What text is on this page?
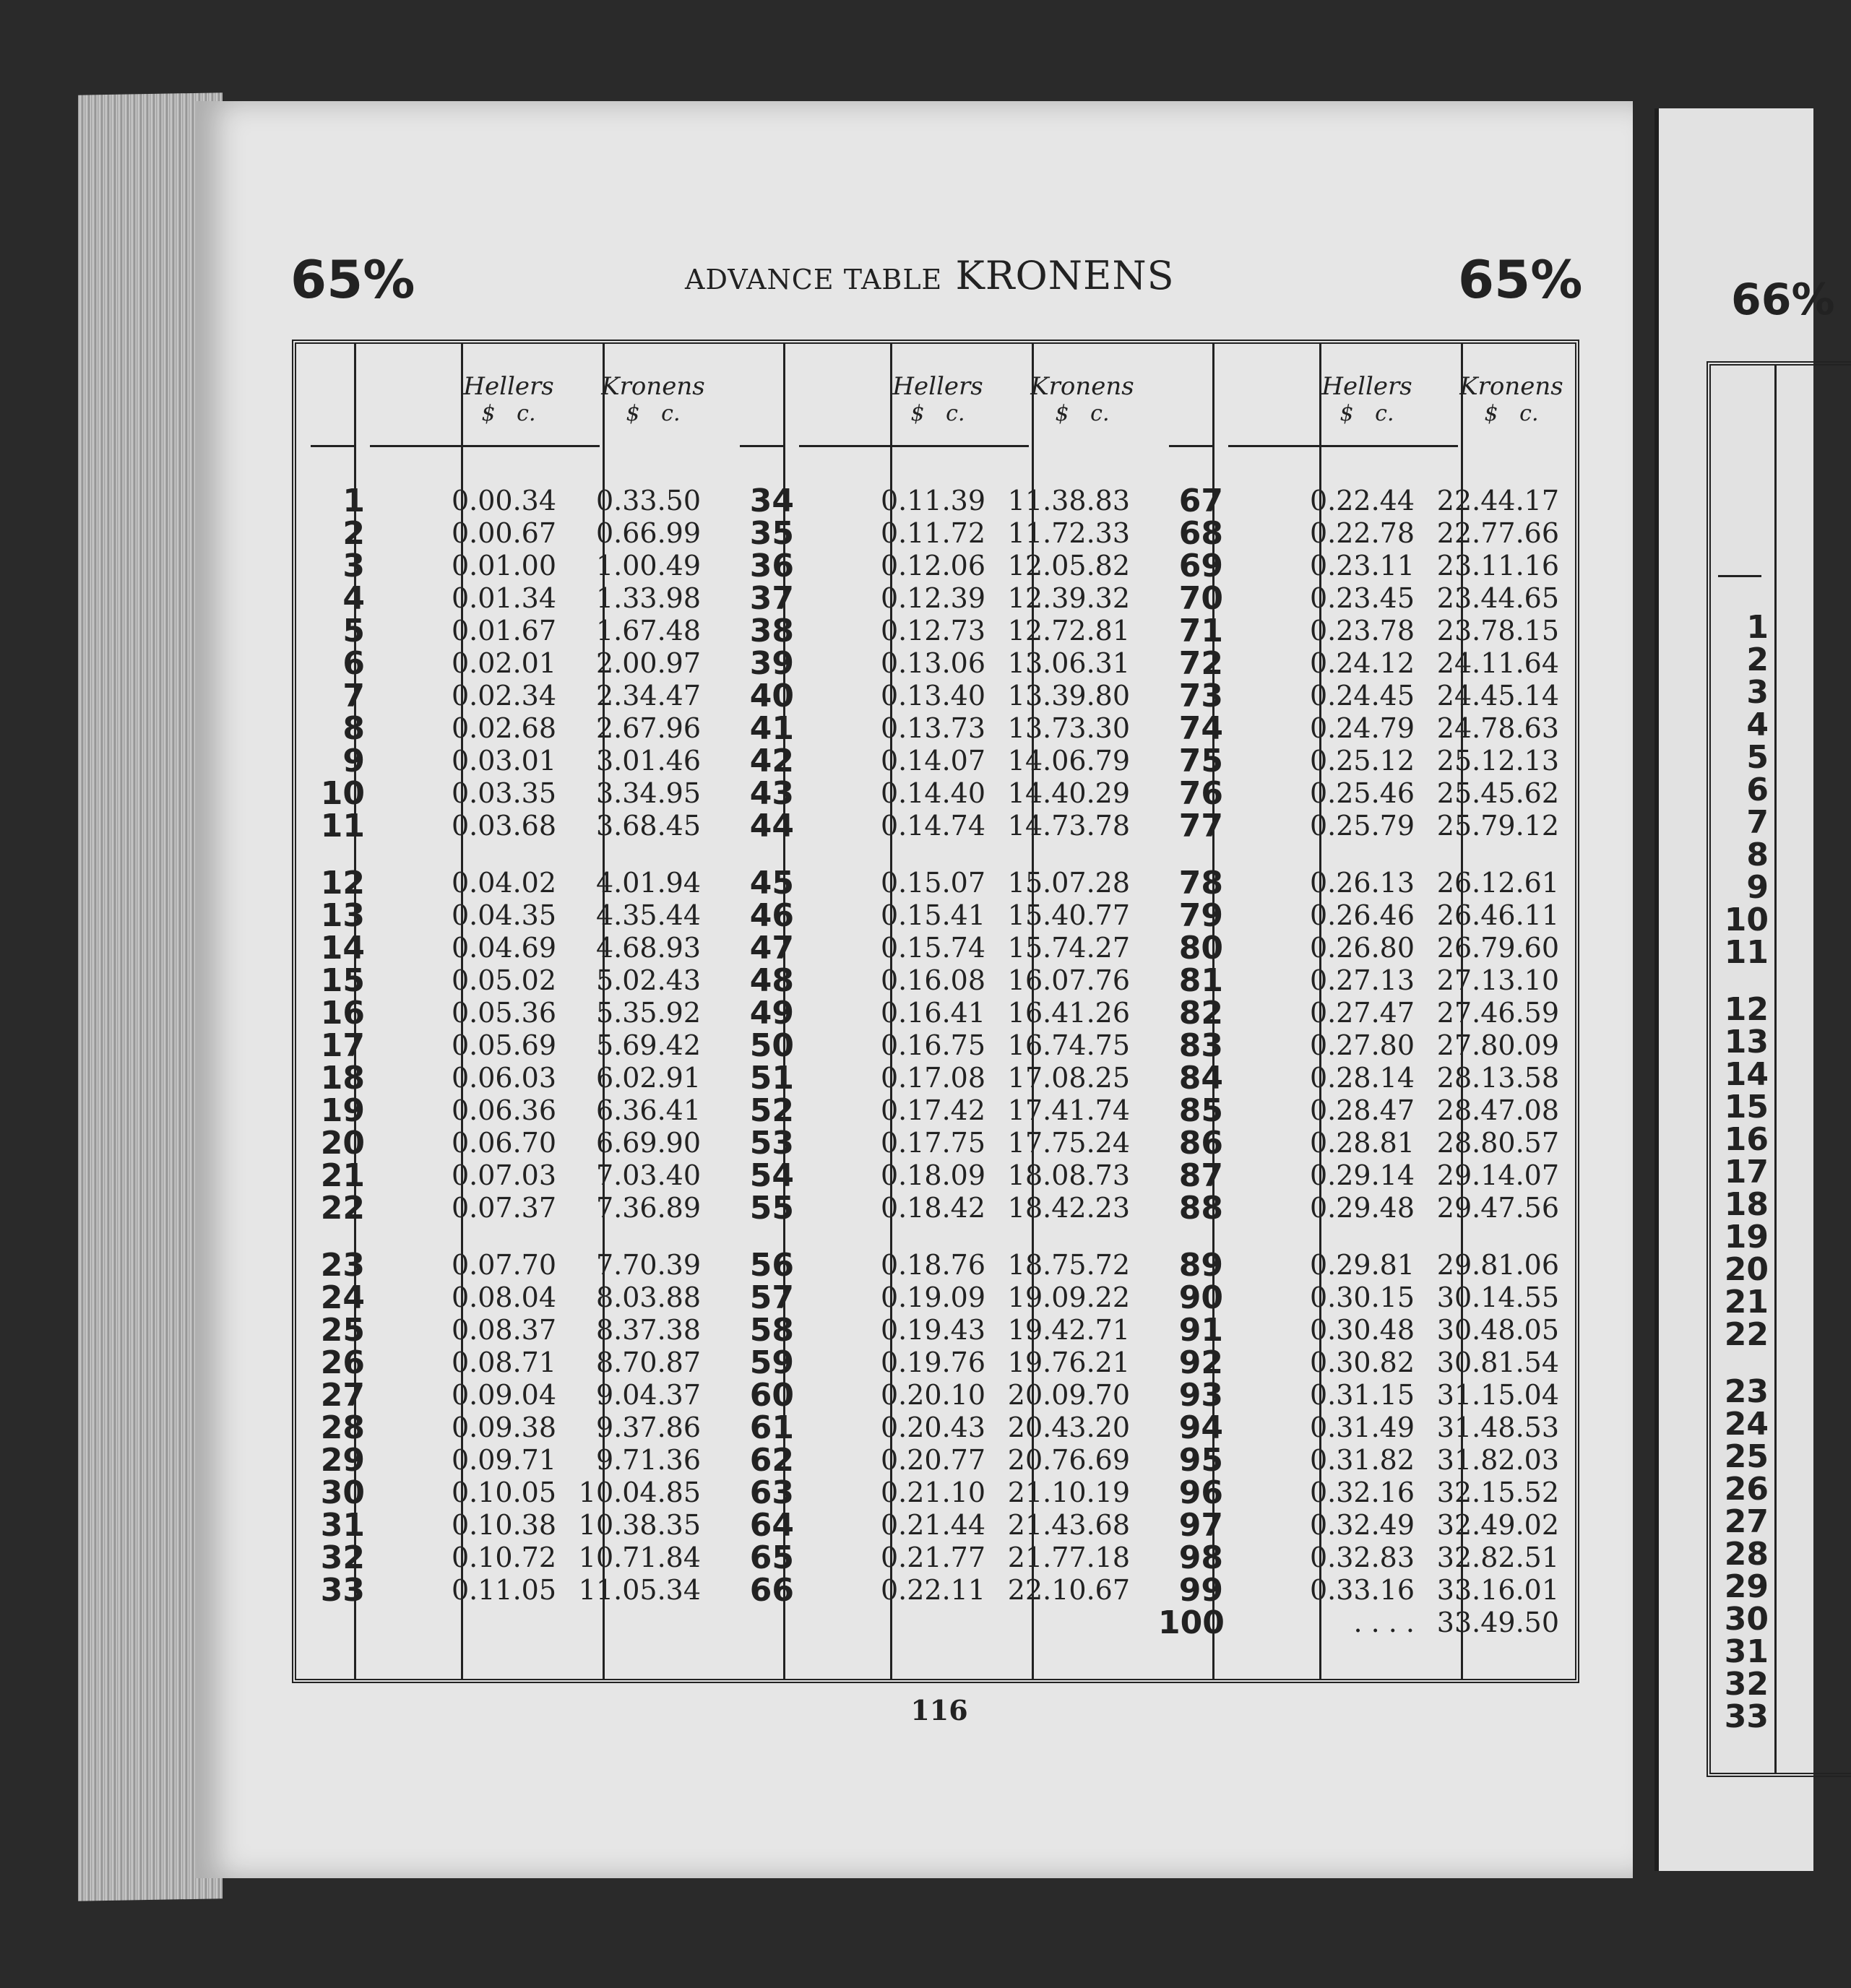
65%	ADVANCE TABLE KRONENS	65%
Hellers
$ c.
Kronens
$ c.
1	0.00.34 0.33.50
2	0.00.67 0.66.99
3	0.01.00 1.00.49
4	0.01.34 1.33.98
5	0.01.67 1.67.48
6	0.02.01 2.00.97
7	0.02.34 2.34.47
8	0.02.68 2.67.96
9	0.03.01 3.01.46
10	0.03.35 3.34.95
11	0.03.68 3.68.45
12	0.04.02 4.01.94
13	0.04.35 4.35.44
14	0.04.69 4.68.93
15	0.05.02 5.02.43
16	0.05.36 5.35.92
17	0.05.69 5.69.42
18	0.06.03 6.02.91
19	0.06.36 6.36.41
20	0.06.70 6.69.90
21	0.07.03 7.03.40
22	0.07.37 7.36.89
23	0.07.70 7.70.39
24	0.08.04 8.03.88
25	0.08.37 8.37.38
26	0.08.71 8.70.87
27	0.09.04 9.04.37
28	0.09.38 9.37.86
29	0.09.71 9.71.36
30	0.10.05 10.04.85
31	0.10.38 10.38.35
32	0.10.72 10.71.84
33	0.11.05 11.05.34
Hellers
$ c.
Kronens
$ c.
34	0.11.39 11.38.83
35	0.11.72 11.72.33
36	0.12.06 12.05.82
37	0.12.39 12.39.32
38	0.12.73 12.72.81
39	0.13.06 13.06.31
40	0.13.40 13.39.80
41	0.13.73 13.73.30
42	0.14.07 14.06.79
43	0.14.40 14.40.29
44	0.14.74 14.73.78
45	0.15.07 15.07.28
46	0.15.41 15.40.77
47	0.15.74 15.74.27
48	0.16.08 16.07.76
49	0.16.41 16.41.26
50	0.16.75 16.74.75
51	0.17.08 17.08.25
52	0.17.42 17.41.74
53	0.17.75 17.75.24
54	0.18.09 18.08.73
55	0.18.42 18.42.23
56	0.18.76 18.75.72
57	0.19.09 19.09.22
58	0.19.43 19.42.71
59	0.19.76 19.76.21
60	0.20.10 20.09.70
61	0.20.43 20.43.20
62	0.20.77 20.76.69
63	0.21.10 21.10.19
64	0.21.44 21.43.68
65	0.21.77 21.77.18
66	0.22.11 22.10.67
Hellers
$ c.
Kronens
$ c.
67	0.22.44 22.44.17
68	0.22.78 22.77.66
69	0.23.11 23.11.16
70	0.23.45 23.44.65
71	0.23.78 23.78.15
72	0.24.12 24.11.64
73	0.24.45 24.45.14
74	0.24.79 24.78.63
75	0.25.12 25.12.13
76	0.25.46 25.45.62
77	0.25.79 25.79.12
78	0.26.13 26.12.61
79	0.26.46 26.46.11
80	0.26.80 26.79.60
81	0.27.13 27.13.10
82	0.27.47 27.46.59
83	0.27.80 27.80.09
84	0.28.14 28.13.58
85	0.28.47 28.47.08
86	0.28.81 28.80.57
87	0.29.14 29.14.07
88	0.29.48 29.47.56
89	0.29.81 29.81.06
90	0.30.15 30.14.55
91	0.30.48 30.48.05
92	0.30.82 30.81.54
93	0.31.15 31.15.04
94	0.31.49 31.48.53
95	0.31.82 31.82.03
96	0.32.16 32.15.52
97	0.32.49 32.49.02
98	0.32.83 32.82.51
99	0.33.16 33.16.01
100	. . . . 33.49.50
116
66%
1
2
3
4
5
6
7
8
9
10
11
12
13
14
15
16
17
18
19
20
21
22
23
24
25
26
27
28
29
30
31
32
33
